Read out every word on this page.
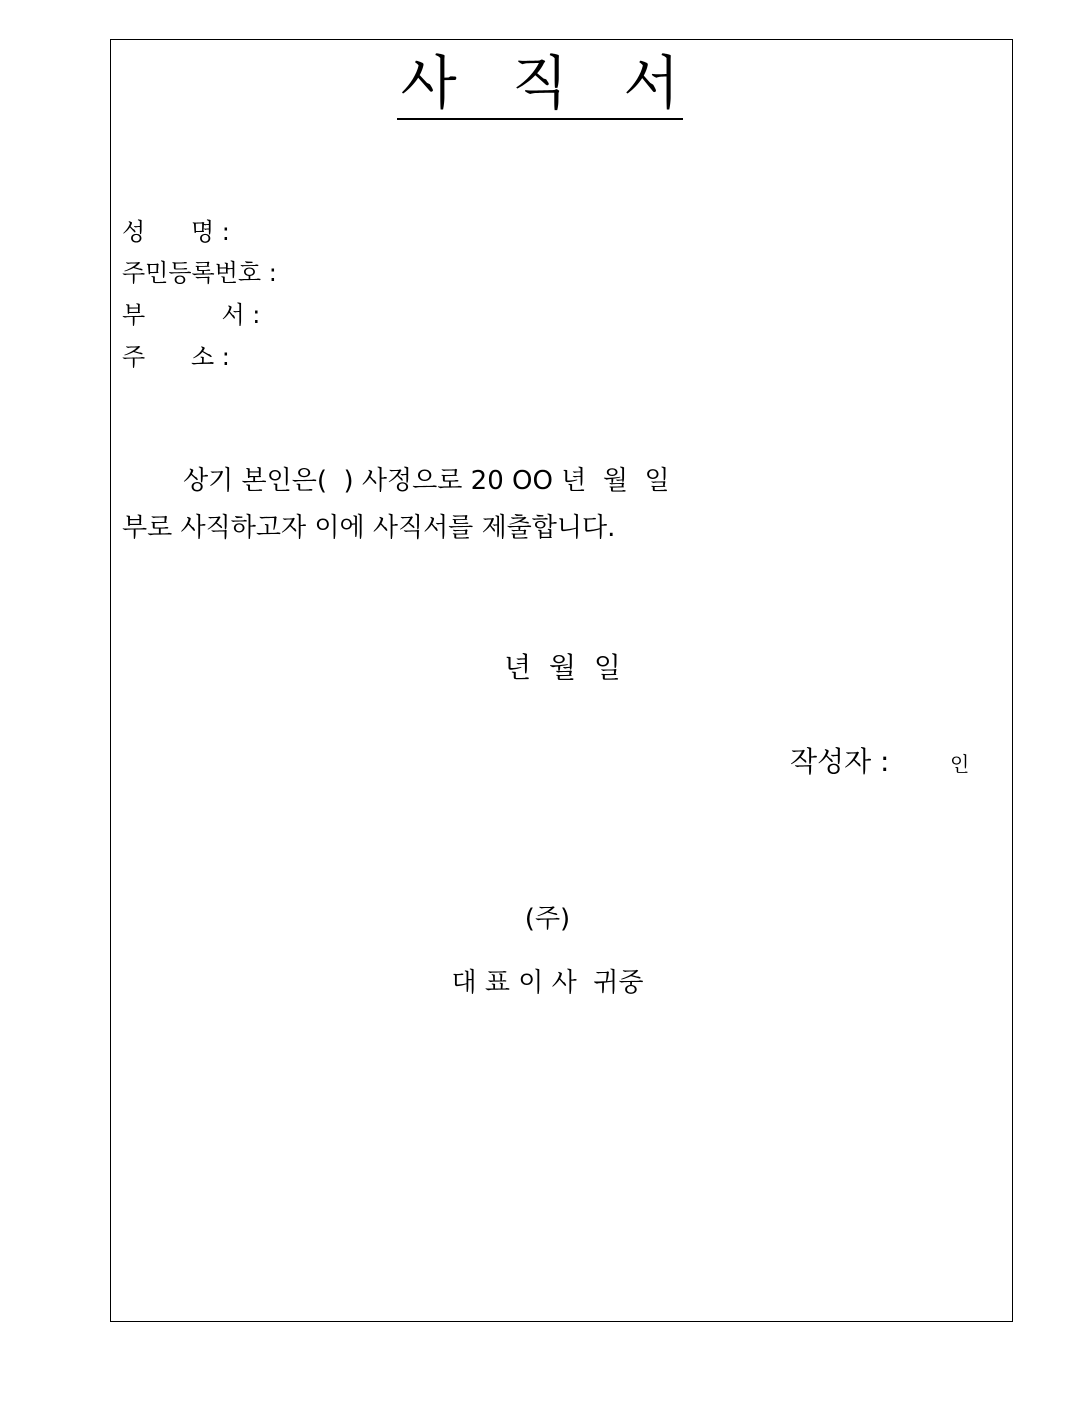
사   직   서
성      명 :
주민등록번호 :
부          서 :
주      소 :
상기 본인은(  ) 사정으로 20 OO 년  월  일
부로 사직하고자 이에 사직서를 제출합니다.
년  월  일
작성자 :	인
(주)
대 표 이 사  귀중
